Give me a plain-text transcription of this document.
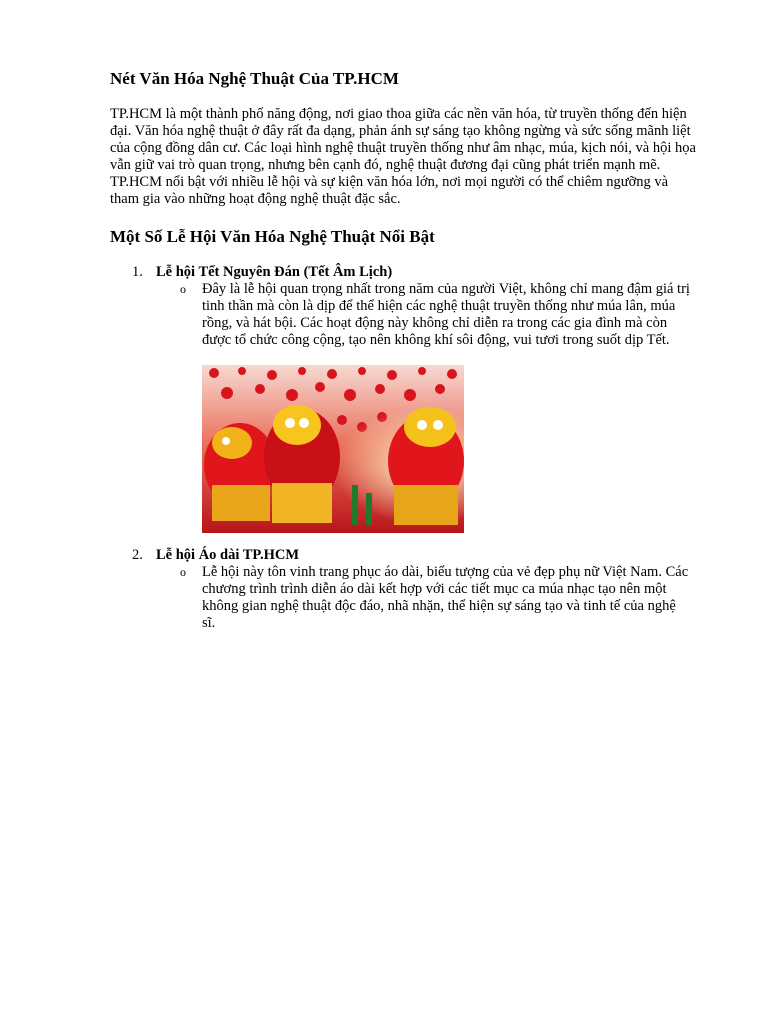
Nét Văn Hóa Nghệ Thuật Của TP.HCM

TP.HCM là một thành phố năng động, nơi giao thoa giữa các nền văn hóa, từ truyền thống đến hiện đại. Văn hóa nghệ thuật ở đây rất đa dạng, phản ánh sự sáng tạo không ngừng và sức sống mãnh liệt của cộng đồng dân cư. Các loại hình nghệ thuật truyền thống như âm nhạc, múa, kịch nói, và hội họa vẫn giữ vai trò quan trọng, nhưng bên cạnh đó, nghệ thuật đương đại cũng phát triển mạnh mẽ. TP.HCM nổi bật với nhiều lễ hội và sự kiện văn hóa lớn, nơi mọi người có thể chiêm ngưỡng và tham gia vào những hoạt động nghệ thuật đặc sắc.

Một Số Lễ Hội Văn Hóa Nghệ Thuật Nổi Bật
1. Lễ hội Tết Nguyên Đán (Tết Âm Lịch)
o Đây là lễ hội quan trọng nhất trong năm của người Việt, không chỉ mang đậm giá trị tinh thần mà còn là dịp để thể hiện các nghệ thuật truyền thống như múa lân, múa rồng, và hát bội. Các hoạt động này không chỉ diễn ra trong các gia đình mà còn được tổ chức công cộng, tạo nên không khí sôi động, vui tươi trong suốt dịp Tết.
2. Lễ hội Áo dài TP.HCM
o Lễ hội này tôn vinh trang phục áo dài, biểu tượng của vẻ đẹp phụ nữ Việt Nam. Các chương trình trình diễn áo dài kết hợp với các tiết mục ca múa nhạc tạo nên một không gian nghệ thuật độc đáo, nhã nhặn, thể hiện sự sáng tạo và tinh tế của nghệ sĩ.
